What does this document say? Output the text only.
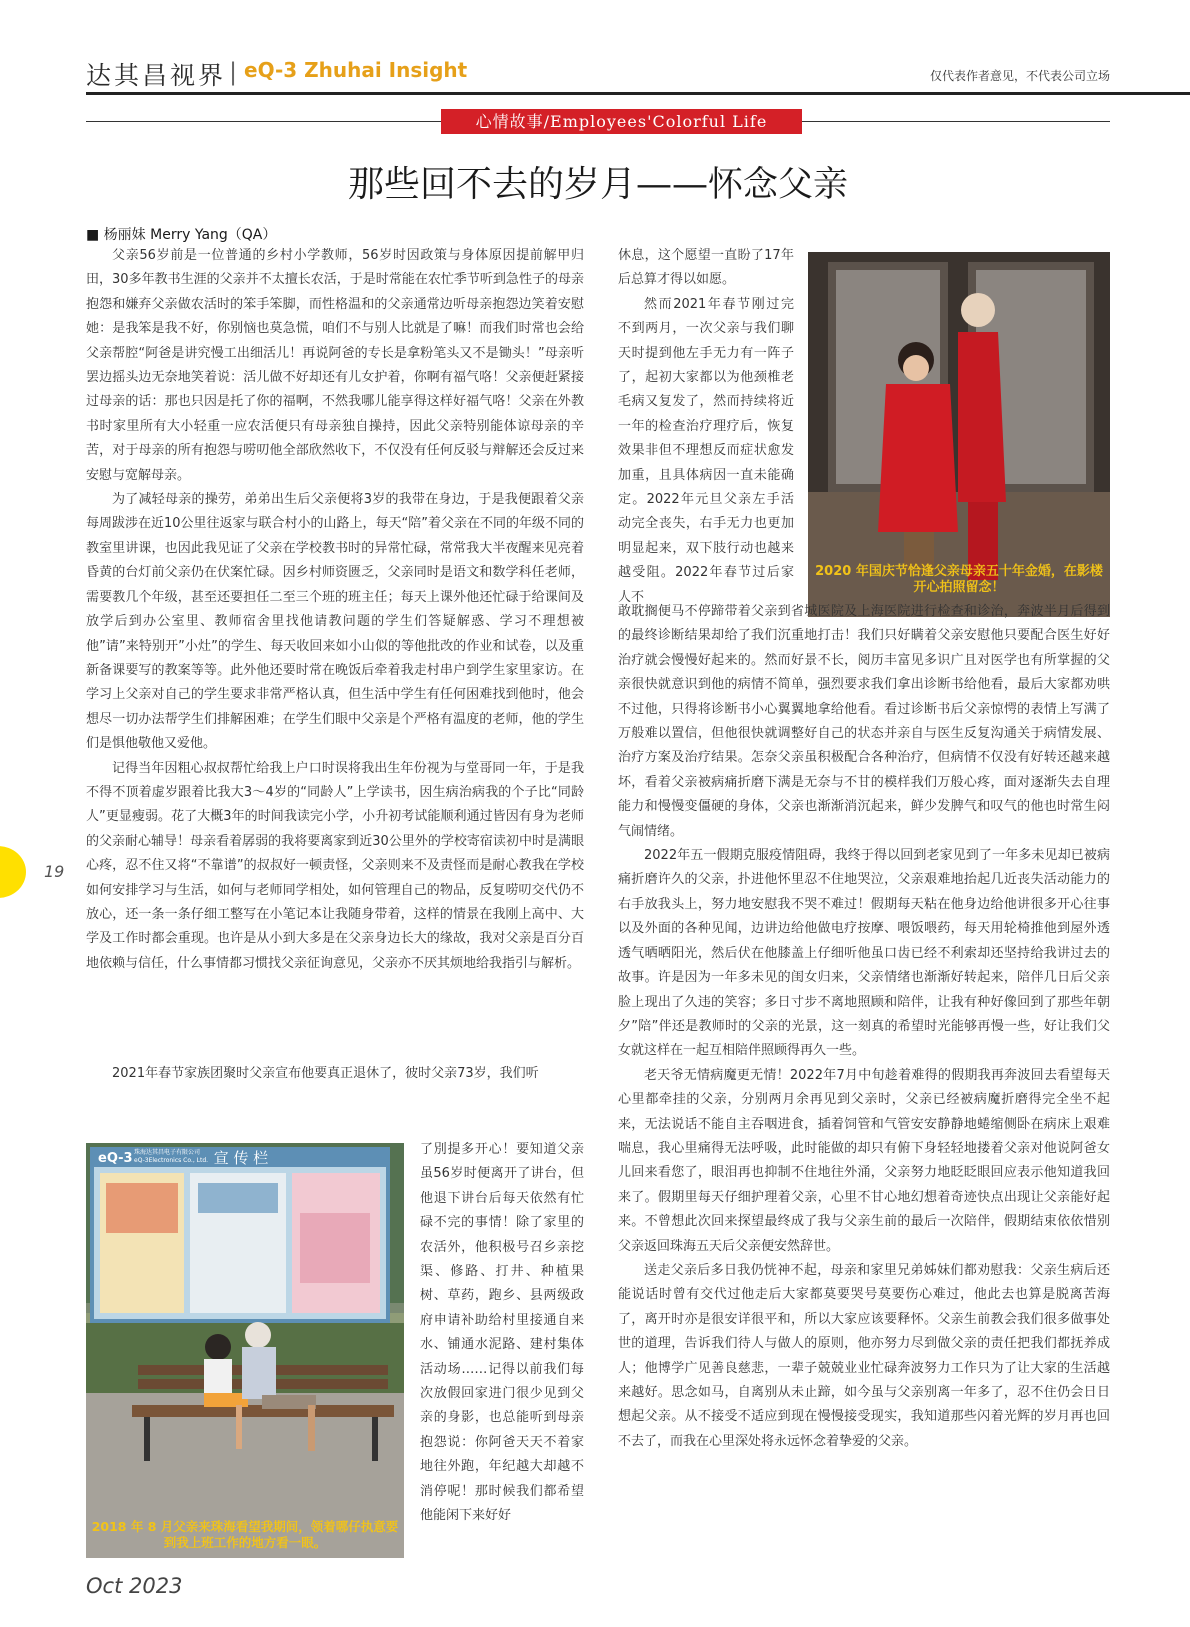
达其昌视界 | eQ-3 Zhuhai Insight	仅代表作者意见，不代表公司立场
心情故事/Employees'Colorful Life
那些回不去的岁月——怀念父亲
■ 杨丽妹 Merry Yang（QA）

父亲56岁前是一位普通的乡村小学教师，56岁时因政策与身体原因提前解甲归田，30多年教书生涯的父亲并不太擅长农活，于是时常能在农忙季节听到急性子的母亲抱怨和嫌弃父亲做农活时的笨手笨脚，而性格温和的父亲通常边听母亲抱怨边笑着安慰她：是我笨是我不好，你别恼也莫急慌，咱们不与别人比就是了嘛！而我们时常也会给父亲帮腔“阿爸是讲究慢工出细活儿！再说阿爸的专长是拿粉笔头又不是锄头！”母亲听罢边摇头边无奈地笑着说：活儿做不好却还有儿女护着，你啊有福气咯！父亲便赶紧接过母亲的话：那也只因是托了你的福啊，不然我哪儿能享得这样好福气咯！父亲在外教书时家里所有大小轻重一应农活便只有母亲独自操持，因此父亲特别能体谅母亲的辛苦，对于母亲的所有抱怨与唠叨他全部欣然收下，不仅没有任何反驳与辩解还会反过来安慰与宽解母亲。

为了减轻母亲的操劳，弟弟出生后父亲便将3岁的我带在身边，于是我便跟着父亲每周跋涉在近10公里往返家与联合村小的山路上，每天“陪”着父亲在不同的年级不同的教室里讲课，也因此我见证了父亲在学校教书时的异常忙碌，常常我大半夜醒来见亮着昏黄的台灯前父亲仍在伏案忙碌。因乡村师资匮乏，父亲同时是语文和数学科任老师，需要教几个年级，甚至还要担任二至三个班的班主任；每天上课外他还忙碌于给课间及放学后到办公室里、教师宿舍里找他请教问题的学生们答疑解惑、学习不理想被他”请”来特别开”小灶”的学生、每天收回来如小山似的等他批改的作业和试卷，以及重新备课要写的教案等等。此外他还要时常在晚饭后牵着我走村串户到学生家里家访。在学习上父亲对自己的学生要求非常严格认真，但生活中学生有任何困难找到他时，他会想尽一切办法帮学生们排解困难；在学生们眼中父亲是个严格有温度的老师，他的学生们是惧他敬他又爱他。

记得当年因粗心叔叔帮忙给我上户口时误将我出生年份视为与堂哥同一年，于是我不得不顶着虚岁跟着比我大3～4岁的“同龄人”上学读书，因生病治病我的个子比“同龄人”更显瘦弱。花了大概3年的时间我读完小学，小升初考试能顺利通过皆因有身为老师的父亲耐心辅导！母亲看着孱弱的我将要离家到近30公里外的学校寄宿读初中时是满眼心疼，忍不住又将“不靠谱”的叔叔好一顿责怪，父亲则来不及责怪而是耐心教我在学校如何安排学习与生活，如何与老师同学相处，如何管理自己的物品，反复唠叨交代仍不放心，还一条一条仔细工整写在小笔记本让我随身带着，这样的情景在我刚上高中、大学及工作时都会重现。也许是从小到大多是在父亲身边长大的缘故，我对父亲是百分百地依赖与信任，什么事情都习惯找父亲征询意见，父亲亦不厌其烦地给我指引与解析。

2021年春节家族团聚时父亲宣布他要真正退休了，彼时父亲73岁，我们听

宣 传 栏
eQ-3 珠海达其昌电子有限公司
eQ-3Electronics Co., Ltd.
2018 年 8 月父亲来珠海看望我期间，领着哪仔执意要到我上班工作的地方看一眼。

了別提多开心！要知道父亲虽56岁时便离开了讲台，但他退下讲台后每天依然有忙碌不完的事情！除了家里的农活外，他积极号召乡亲挖渠、修路、打井、种植果树、草药，跑乡、县两级政府申请补助给村里接通自来水、铺通水泥路、建村集体活动场……记得以前我们每次放假回家进门很少见到父亲的身影，也总能听到母亲抱怨说：你阿爸天天不着家地往外跑，年纪越大却越不消停呢！那时候我们都希望他能闲下来好好

休息，这个愿望一直盼了17年后总算才得以如愿。

然而2021年春节刚过完不到两月，一次父亲与我们聊天时提到他左手无力有一阵子了，起初大家都以为他颈椎老毛病又复发了，然而持续将近一年的检查治疗理疗后，恢复效果非但不理想反而症状愈发加重，且具体病因一直未能确定。2022年元旦父亲左手活动完全丧失，右手无力也更加明显起来，双下肢行动也越来越受阻。2022年春节过后家人不

2020 年国庆节恰逢父亲母亲五十年金婚，在影楼开心拍照留念！

敢耽搁便马不停蹄带着父亲到省城医院及上海医院进行检查和诊治，奔波半月后得到的最终诊断结果却给了我们沉重地打击！我们只好瞒着父亲安慰他只要配合医生好好治疗就会慢慢好起来的。然而好景不长，阅历丰富见多识广且对医学也有所掌握的父亲很快就意识到他的病情不简单，强烈要求我们拿出诊断书给他看，最后大家都劝哄不过他，只得将诊断书小心翼翼地拿给他看。看过诊断书后父亲惊愕的表情上写满了万般难以置信，但他很快就调整好自己的状态并亲自与医生反复沟通关于病情发展、治疗方案及治疗结果。怎奈父亲虽积极配合各种治疗，但病情不仅没有好转还越来越坏，看着父亲被病痛折磨下满是无奈与不甘的模样我们万般心疼，面对逐渐失去自理能力和慢慢变僵硬的身体，父亲也渐渐消沉起来，鲜少发脾气和叹气的他也时常生闷气闹情绪。

2022年五一假期克服疫情阻碍，我终于得以回到老家见到了一年多未见却已被病痛折磨许久的父亲，扑进他怀里忍不住地哭泣，父亲艰难地抬起几近丧失活动能力的右手放我头上，努力地安慰我不哭不难过！假期每天粘在他身边给他讲很多开心往事以及外面的各种见闻，边讲边给他做电疗按摩、喂饭喂药，每天用轮椅推他到屋外透透气晒晒阳光，然后伏在他膝盖上仔细听他虽口齿已经不利索却还坚持给我讲过去的故事。许是因为一年多未见的闺女归来，父亲情绪也渐渐好转起来，陪伴几日后父亲脸上现出了久违的笑容；多日寸步不离地照顾和陪伴，让我有种好像回到了那些年朝夕”陪”伴还是教师时的父亲的光景，这一刻真的希望时光能够再慢一些，好让我们父女就这样在一起互相陪伴照顾得再久一些。

老天爷无情病魔更无情！2022年7月中旬趁着难得的假期我再奔波回去看望每天心里都牵挂的父亲，分别两月余再见到父亲时，父亲已经被病魔折磨得完全坐不起来，无法说话不能自主吞咽进食，插着饲管和气管安安静静地蜷缩侧卧在病床上艰难喘息，我心里痛得无法呼吸，此时能做的却只有俯下身轻轻地搂着父亲对他说阿爸女儿回来看您了，眼泪再也抑制不住地往外涌，父亲努力地眨眨眼回应表示他知道我回来了。假期里每天仔细护理着父亲，心里不甘心地幻想着奇迹快点出现让父亲能好起来。不曾想此次回来探望最终成了我与父亲生前的最后一次陪伴，假期结束依依惜别父亲返回珠海五天后父亲便安然辞世。

送走父亲后多日我仍恍神不起，母亲和家里兄弟姊妹们都劝慰我：父亲生病后还能说话时曾有交代过他走后大家都莫要哭号莫要伤心难过，他此去也算是脱离苦海了，离开时亦是很安详很平和，所以大家应该要释怀。父亲生前教会我们很多做事处世的道理，告诉我们待人与做人的原则，他亦努力尽到做父亲的责任把我们都抚养成人；他博学广见善良慈悲，一辈子兢兢业业忙碌奔波努力工作只为了让大家的生活越来越好。思念如马，自离别从未止蹄，如今虽与父亲别离一年多了，忍不住仍会日日想起父亲。从不接受不适应到现在慢慢接受现实，我知道那些闪着光辉的岁月再也回不去了，而我在心里深处将永远怀念着挚爱的父亲。

19
Oct 2023
